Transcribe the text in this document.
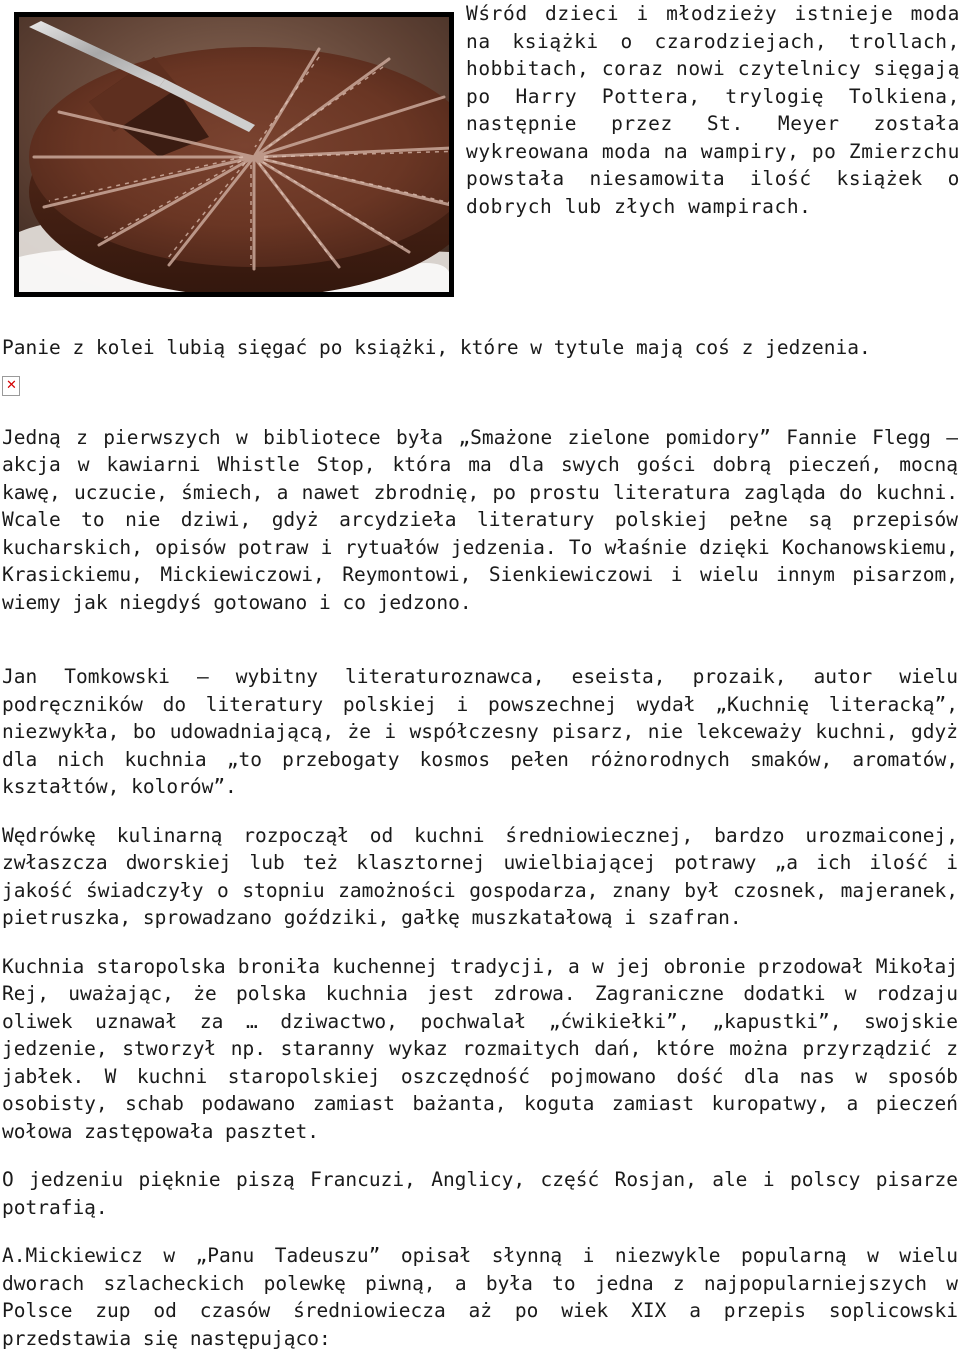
Wśród dzieci i młodzieży istnieje moda na książki o czarodziejach, trollach, hobbitach, coraz nowi czytelnicy sięgają po Harry Pottera, trylogię Tolkiena, następnie przez St. Meyer została wykreowana moda na wampiry, po Zmierzchu powstała niesamowita ilość książek o dobrych lub złych wampirach.

Panie z kolei lubią sięgać po książki, które w tytule mają coś z jedzenia.

✕

Jedną z pierwszych w bibliotece była „Smażone zielone pomidory” Fannie Flegg – akcja w kawiarni Whistle Stop, która ma dla swych gości dobrą pieczeń, mocną kawę, uczucie, śmiech, a nawet zbrodnię, po prostu literatura zagląda do kuchni. Wcale to nie dziwi, gdyż arcydzieła literatury polskiej pełne są przepisów kucharskich, opisów potraw i rytuałów jedzenia. To właśnie dzięki Kochanowskiemu, Krasickiemu, Mickiewiczowi, Reymontowi, Sienkiewiczowi i wielu innym pisarzom, wiemy jak niegdyś gotowano i co jedzono.

Jan Tomkowski – wybitny literaturoznawca, eseista, prozaik, autor wielu podręczników do literatury polskiej i powszechnej wydał „Kuchnię literacką”, niezwykła, bo udowadniającą, że i współczesny pisarz, nie lekceważy kuchni, gdyż dla nich kuchnia „to przebogaty kosmos pełen różnorodnych smaków, aromatów, kształtów, kolorów”.

Wędrówkę kulinarną rozpoczął od kuchni średniowiecznej, bardzo urozmaiconej, zwłaszcza dworskiej lub też klasztornej uwielbiającej potrawy „a ich ilość i jakość świadczyły o stopniu zamożności gospodarza, znany był czosnek, majeranek, pietruszka, sprowadzano goździki, gałkę muszkatałową i szafran.

Kuchnia staropolska broniła kuchennej tradycji, a w jej obronie przodował Mikołaj Rej, uważając, że polska kuchnia jest zdrowa. Zagraniczne dodatki w rodzaju oliwek uznawał za … dziwactwo, pochwalał „ćwikiełki”, „kapustki”, swojskie jedzenie, stworzył np. staranny wykaz rozmaitych dań, które można przyrządzić z jabłek. W kuchni staropolskiej oszczędność pojmowano dość dla nas w sposób osobisty, schab podawano zamiast bażanta, koguta zamiast kuropatwy, a pieczeń wołowa zastępowała pasztet.

O jedzeniu pięknie piszą Francuzi, Anglicy, część Rosjan, ale i polscy pisarze potrafią.

A.Mickiewicz w „Panu Tadeuszu” opisał słynną i niezwykle popularną w wielu dworach szlacheckich polewkę piwną, a była to jedna z najpopularniejszych w Polsce zup od czasów średniowiecza aż po wiek XIX a przepis soplicowski przedstawia się następująco:
